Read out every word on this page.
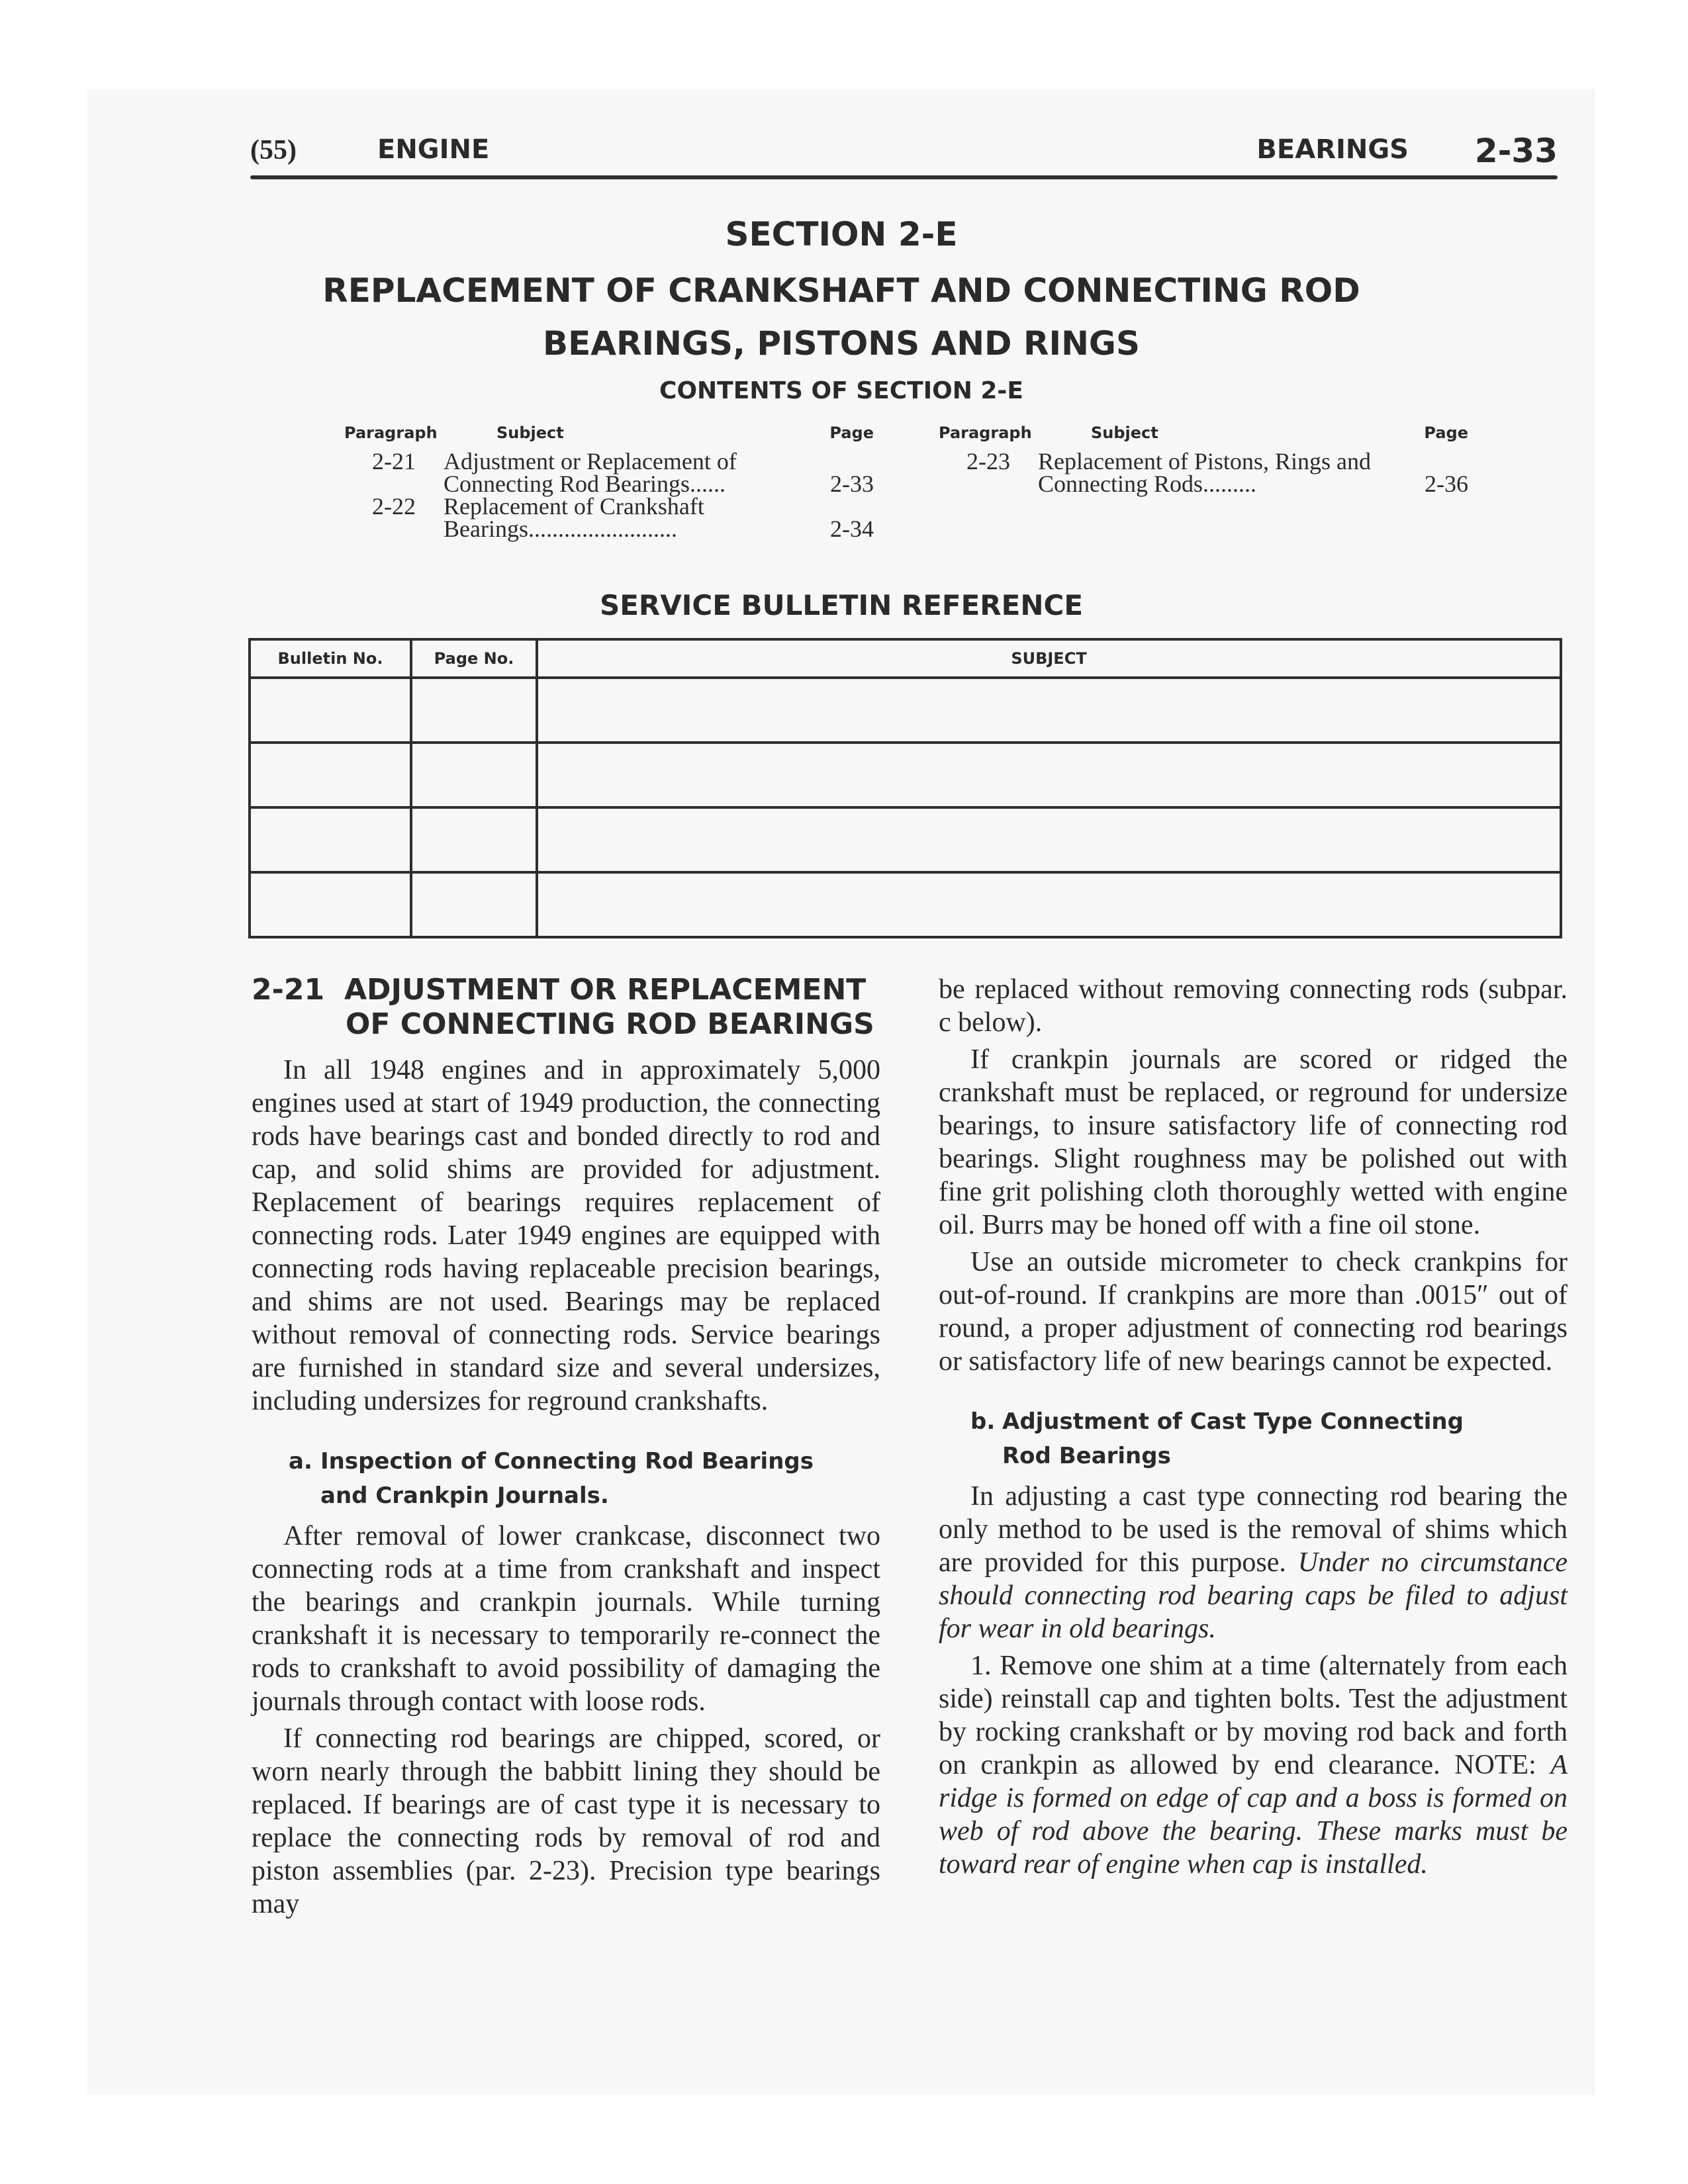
(55)	ENGINE	BEARINGS 2-33
SECTION 2-E
REPLACEMENT OF CRANKSHAFT AND CONNECTING ROD
BEARINGS, PISTONS AND RINGS
CONTENTS OF SECTION 2-E
Paragraph	Subject	Page
2-21 Adjustment or Replacement of Connecting Rod Bearings......	2-33
2-22 Replacement of Crankshaft Bearings.........................	2-34
Paragraph	Subject	Page
2-23 Replacement of Pistons, Rings and Connecting Rods.........	2-36
SERVICE BULLETIN REFERENCE
Bulletin No.	Page No.	SUBJECT

2-21 ADJUSTMENT OR REPLACEMENT
OF CONNECTING ROD BEARINGS

In all 1948 engines and in approximately 5,000 engines used at start of 1949 production, the connecting rods have bearings cast and bonded directly to rod and cap, and solid shims are provided for adjustment. Replacement of bearings requires replacement of connecting rods. Later 1949 engines are equipped with connecting rods having replaceable precision bearings, and shims are not used. Bearings may be replaced without removal of connecting rods. Service bearings are furnished in standard size and several undersizes, including undersizes for reground crankshafts.

a. Inspection of Connecting Rod Bearings
and Crankpin Journals.

After removal of lower crankcase, disconnect two connecting rods at a time from crankshaft and inspect the bearings and crankpin journals. While turning crankshaft it is necessary to temporarily re-connect the rods to crankshaft to avoid possibility of damaging the journals through contact with loose rods.

If connecting rod bearings are chipped, scored, or worn nearly through the babbitt lining they should be replaced. If bearings are of cast type it is necessary to replace the connecting rods by removal of rod and piston assemblies (par. 2-23). Precision type bearings may

be replaced without removing connecting rods (subpar. c below).

If crankpin journals are scored or ridged the crankshaft must be replaced, or reground for undersize bearings, to insure satisfactory life of connecting rod bearings. Slight roughness may be polished out with fine grit polishing cloth thoroughly wetted with engine oil. Burrs may be honed off with a fine oil stone.

Use an outside micrometer to check crankpins for out-of-round. If crankpins are more than .0015″ out of round, a proper adjustment of connecting rod bearings or satisfactory life of new bearings cannot be expected.

b. Adjustment of Cast Type Connecting
Rod Bearings

In adjusting a cast type connecting rod bearing the only method to be used is the removal of shims which are provided for this purpose. Under no circumstance should connecting rod bearing caps be filed to adjust for wear in old bearings.

1. Remove one shim at a time (alternately from each side) reinstall cap and tighten bolts. Test the adjustment by rocking crankshaft or by moving rod back and forth on crankpin as allowed by end clearance. NOTE: A ridge is formed on edge of cap and a boss is formed on web of rod above the bearing. These marks must be toward rear of engine when cap is installed.
